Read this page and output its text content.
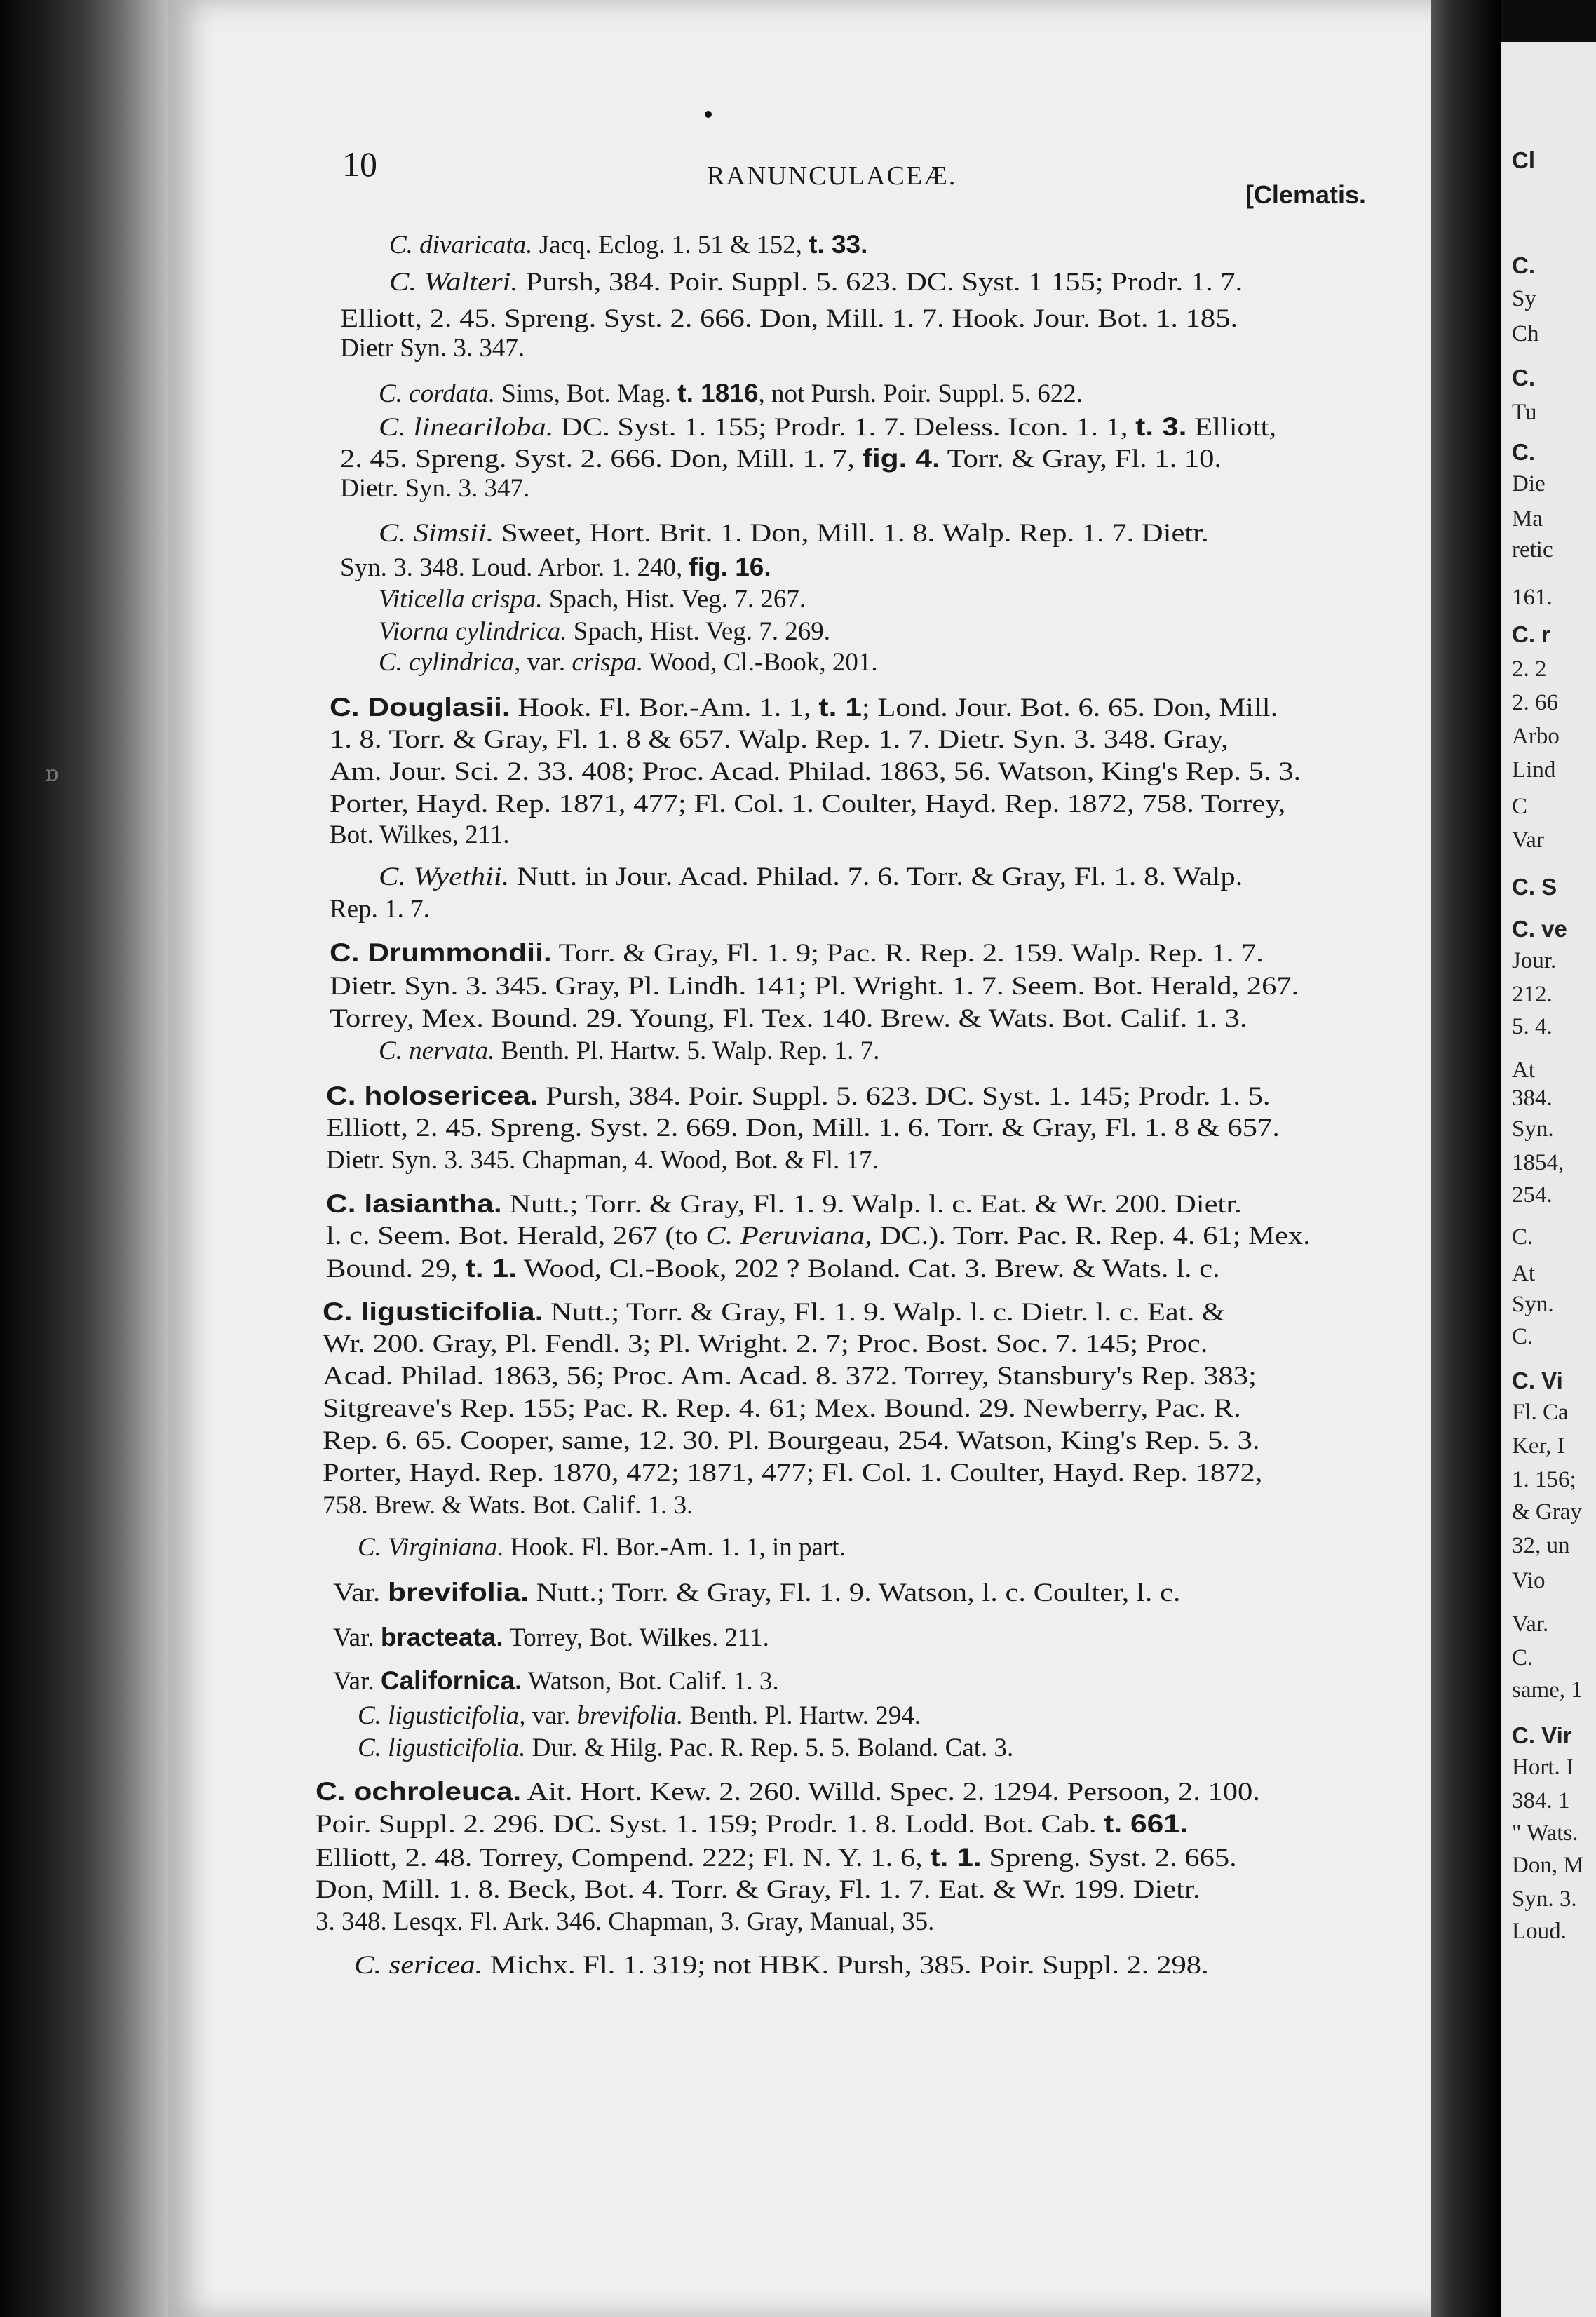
Cl
C.
Sy
Ch
C.
Tu
C.
Die
Ma
retic
161.
C. r
2. 2
2. 66
Arbo
Lind
C
Var
C. S
C. ve
Jour.
212.
5. 4.
At
384.
Syn.
1854,
254.
C.
At
Syn.
C.
C. Vi
Fl. Ca
Ker, I
1. 156;
& Gray
32, un
Vio
Var.
C.
same, 1
C. Vir
Hort. I
384. 1
" Wats.
Don, M
Syn. 3.
Loud.
ɒ
10	RANUNCULACEÆ.
[Clematis.
C. divaricata. Jacq. Eclog. 1. 51 & 152, t. 33.
C. Walteri. Pursh, 384. Poir. Suppl. 5. 623. DC. Syst. 1 155; Prodr. 1. 7.
Elliott, 2. 45. Spreng. Syst. 2. 666. Don, Mill. 1. 7. Hook. Jour. Bot. 1. 185.
Dietr Syn. 3. 347.
C. cordata. Sims, Bot. Mag. t. 1816, not Pursh. Poir. Suppl. 5. 622.
C. lineariloba. DC. Syst. 1. 155; Prodr. 1. 7. Deless. Icon. 1. 1, t. 3. Elliott,
2. 45. Spreng. Syst. 2. 666. Don, Mill. 1. 7, fig. 4. Torr. & Gray, Fl. 1. 10.
Dietr. Syn. 3. 347.
C. Simsii. Sweet, Hort. Brit. 1. Don, Mill. 1. 8. Walp. Rep. 1. 7. Dietr.
Syn. 3. 348. Loud. Arbor. 1. 240, fig. 16.
Viticella crispa. Spach, Hist. Veg. 7. 267.
Viorna cylindrica. Spach, Hist. Veg. 7. 269.
C. cylindrica, var. crispa. Wood, Cl.-Book, 201.
C. Douglasii. Hook. Fl. Bor.-Am. 1. 1, t. 1; Lond. Jour. Bot. 6. 65. Don, Mill.
1. 8. Torr. & Gray, Fl. 1. 8 & 657. Walp. Rep. 1. 7. Dietr. Syn. 3. 348. Gray,
Am. Jour. Sci. 2. 33. 408; Proc. Acad. Philad. 1863, 56. Watson, King's Rep. 5. 3.
Porter, Hayd. Rep. 1871, 477; Fl. Col. 1. Coulter, Hayd. Rep. 1872, 758. Torrey,
Bot. Wilkes, 211.
C. Wyethii. Nutt. in Jour. Acad. Philad. 7. 6. Torr. & Gray, Fl. 1. 8. Walp.
Rep. 1. 7.
C. Drummondii. Torr. & Gray, Fl. 1. 9; Pac. R. Rep. 2. 159. Walp. Rep. 1. 7.
Dietr. Syn. 3. 345. Gray, Pl. Lindh. 141; Pl. Wright. 1. 7. Seem. Bot. Herald, 267.
Torrey, Mex. Bound. 29. Young, Fl. Tex. 140. Brew. & Wats. Bot. Calif. 1. 3.
C. nervata. Benth. Pl. Hartw. 5. Walp. Rep. 1. 7.
C. holosericea. Pursh, 384. Poir. Suppl. 5. 623. DC. Syst. 1. 145; Prodr. 1. 5.
Elliott, 2. 45. Spreng. Syst. 2. 669. Don, Mill. 1. 6. Torr. & Gray, Fl. 1. 8 & 657.
Dietr. Syn. 3. 345. Chapman, 4. Wood, Bot. & Fl. 17.
C. lasiantha. Nutt.; Torr. & Gray, Fl. 1. 9. Walp. l. c. Eat. & Wr. 200. Dietr.
l. c. Seem. Bot. Herald, 267 (to C. Peruviana, DC.). Torr. Pac. R. Rep. 4. 61; Mex.
Bound. 29, t. 1. Wood, Cl.-Book, 202 ? Boland. Cat. 3. Brew. & Wats. l. c.
C. ligusticifolia. Nutt.; Torr. & Gray, Fl. 1. 9. Walp. l. c. Dietr. l. c. Eat. &
Wr. 200. Gray, Pl. Fendl. 3; Pl. Wright. 2. 7; Proc. Bost. Soc. 7. 145; Proc.
Acad. Philad. 1863, 56; Proc. Am. Acad. 8. 372. Torrey, Stansbury's Rep. 383;
Sitgreave's Rep. 155; Pac. R. Rep. 4. 61; Mex. Bound. 29. Newberry, Pac. R.
Rep. 6. 65. Cooper, same, 12. 30. Pl. Bourgeau, 254. Watson, King's Rep. 5. 3.
Porter, Hayd. Rep. 1870, 472; 1871, 477; Fl. Col. 1. Coulter, Hayd. Rep. 1872,
758. Brew. & Wats. Bot. Calif. 1. 3.
C. Virginiana. Hook. Fl. Bor.-Am. 1. 1, in part.
Var. brevifolia. Nutt.; Torr. & Gray, Fl. 1. 9. Watson, l. c. Coulter, l. c.
Var. bracteata. Torrey, Bot. Wilkes. 211.
Var. Californica. Watson, Bot. Calif. 1. 3.
C. ligusticifolia, var. brevifolia. Benth. Pl. Hartw. 294.
C. ligusticifolia. Dur. & Hilg. Pac. R. Rep. 5. 5. Boland. Cat. 3.
C. ochroleuca. Ait. Hort. Kew. 2. 260. Willd. Spec. 2. 1294. Persoon, 2. 100.
Poir. Suppl. 2. 296. DC. Syst. 1. 159; Prodr. 1. 8. Lodd. Bot. Cab. t. 661.
Elliott, 2. 48. Torrey, Compend. 222; Fl. N. Y. 1. 6, t. 1. Spreng. Syst. 2. 665.
Don, Mill. 1. 8. Beck, Bot. 4. Torr. & Gray, Fl. 1. 7. Eat. & Wr. 199. Dietr.
3. 348. Lesqx. Fl. Ark. 346. Chapman, 3. Gray, Manual, 35.
C. sericea. Michx. Fl. 1. 319; not HBK. Pursh, 385. Poir. Suppl. 2. 298.
